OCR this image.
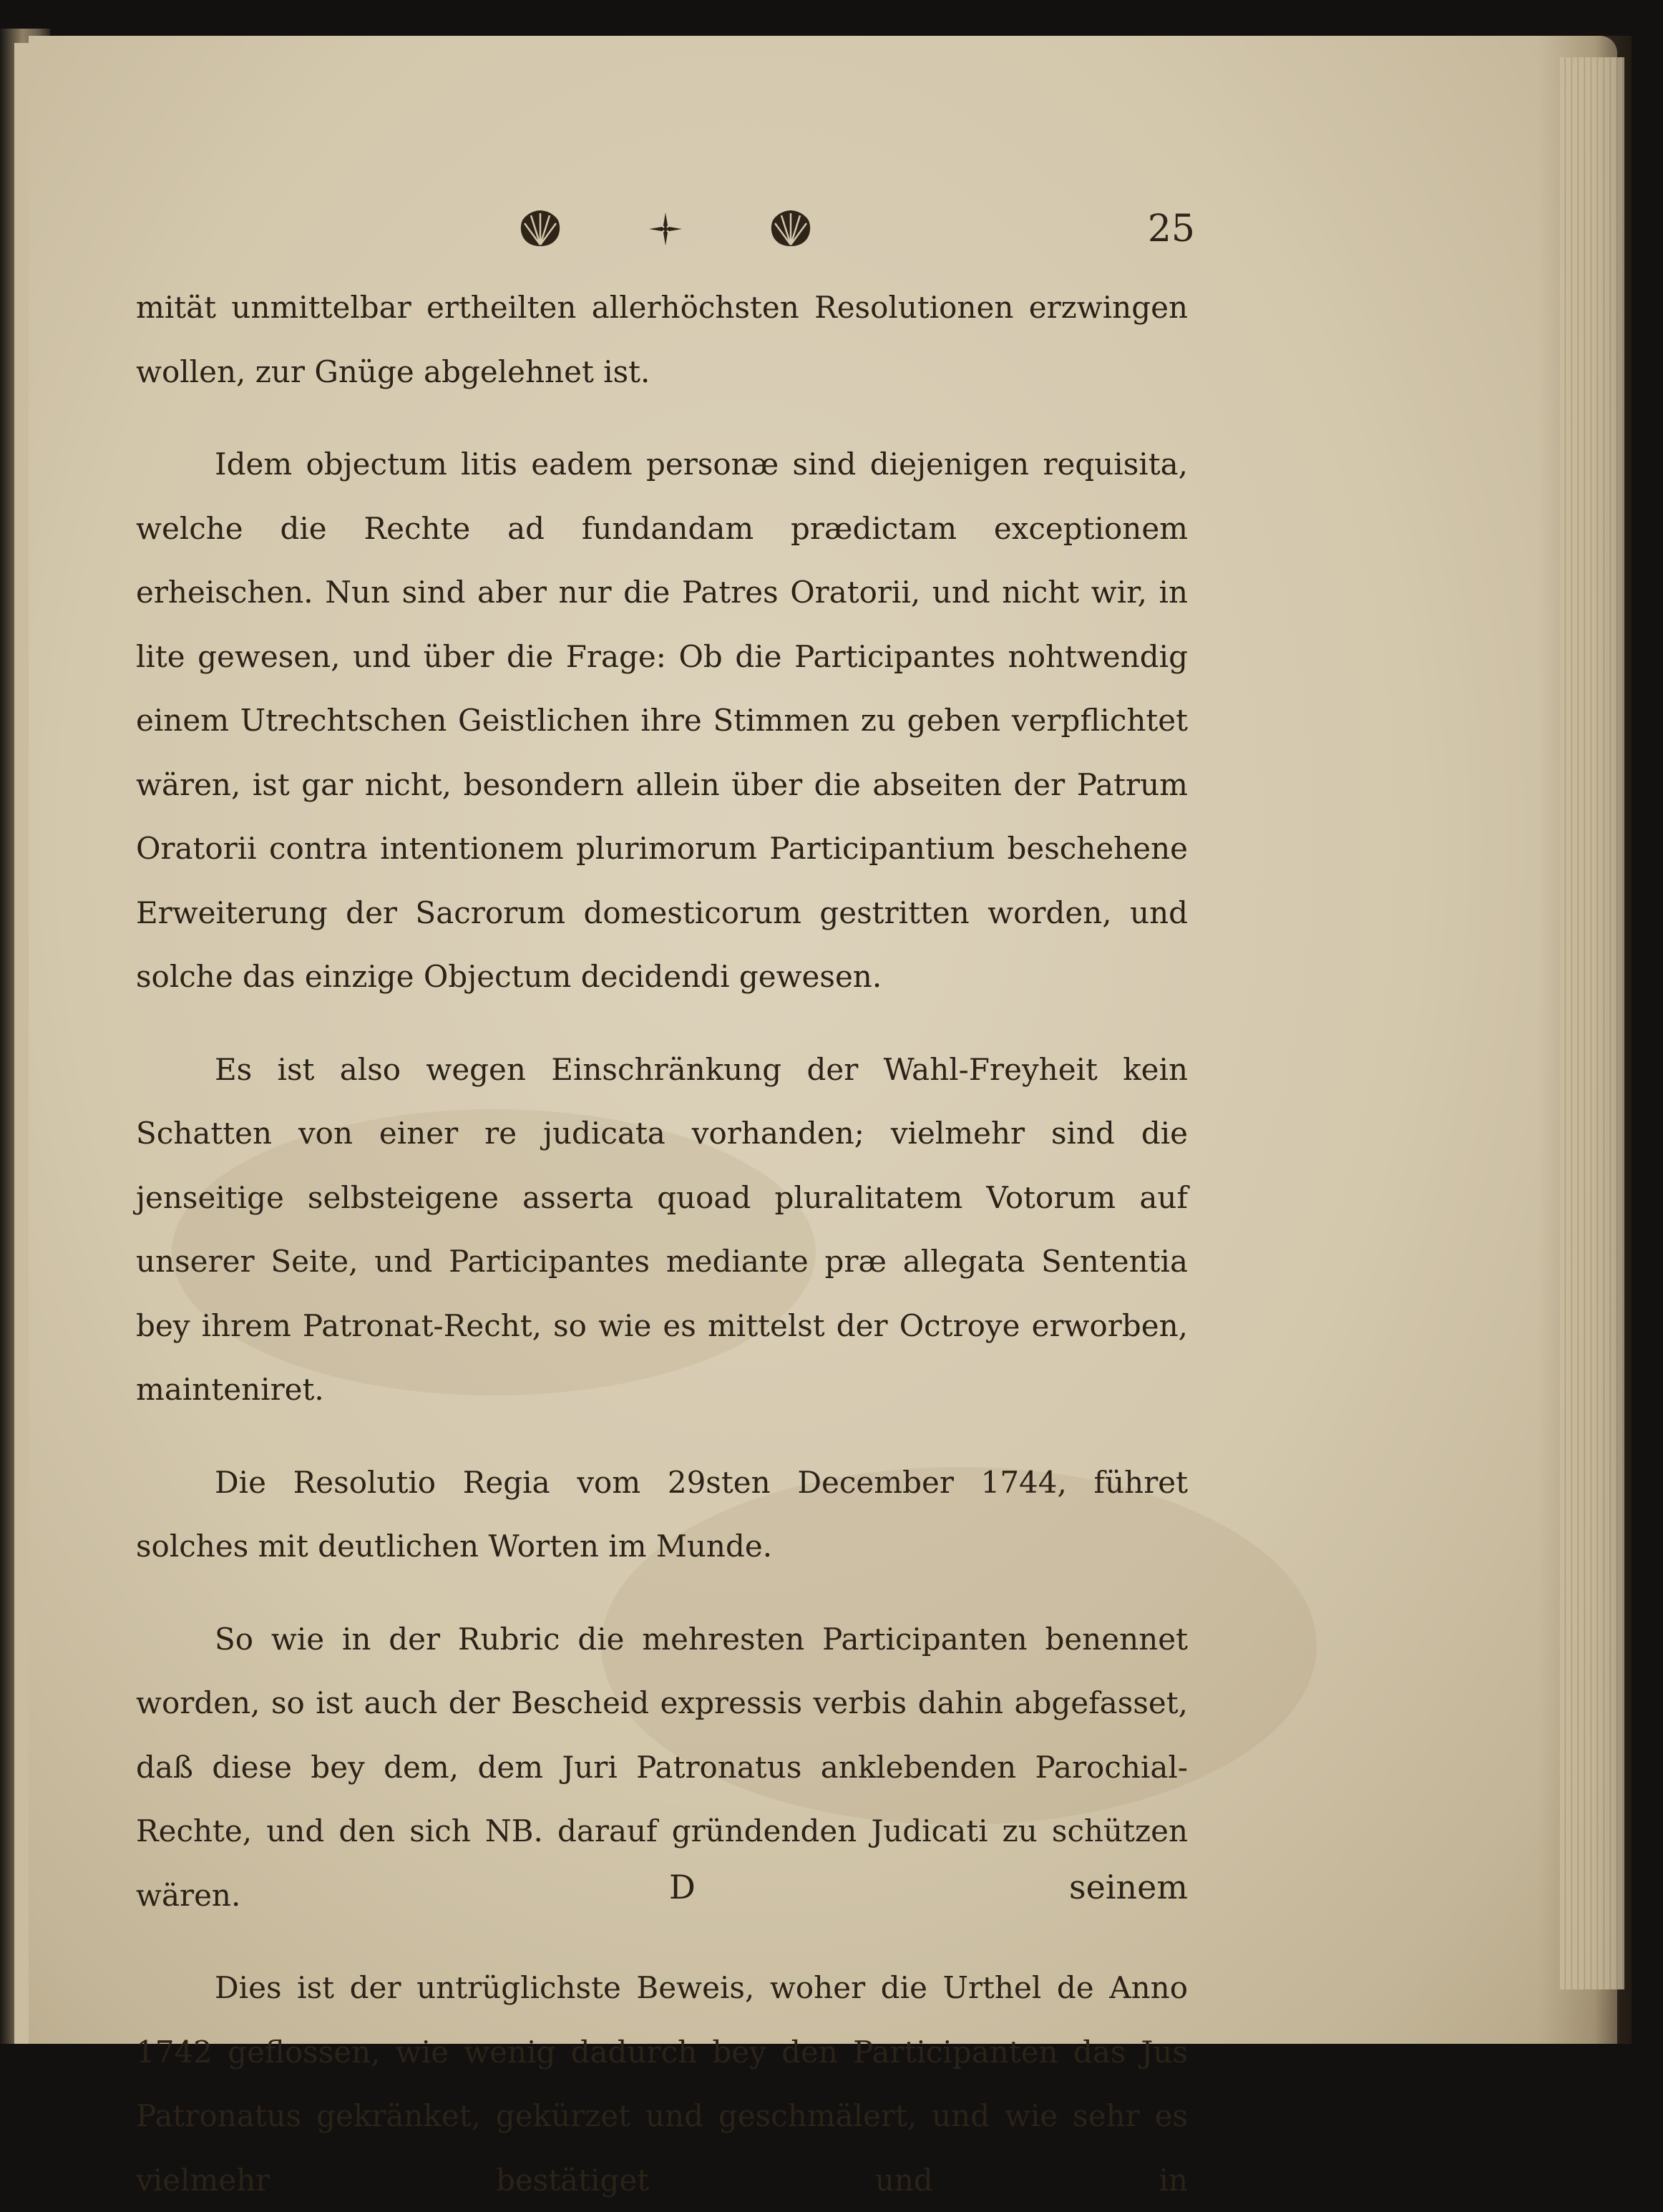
25

mität unmittelbar ertheilten allerhöchsten Resolutionen erzwingen wollen, zur Gnüge abgelehnet ist.

Idem objectum litis eadem personæ sind diejenigen requisita, welche die Rechte ad fundandam prædictam exceptionem erheischen. Nun sind aber nur die Patres Oratorii, und nicht wir, in lite gewesen, und über die Frage: Ob die Participantes nohtwendig einem Utrechtschen Geistlichen ihre Stimmen zu geben verpflichtet wären, ist gar nicht, besondern allein über die abseiten der Patrum Oratorii contra intentionem plurimorum Participantium beschehene Erweiterung der Sacrorum domesticorum gestritten worden, und solche das einzige Objectum decidendi gewesen.

Es ist also wegen Einschränkung der Wahl-Freyheit kein Schatten von einer re judicata vorhanden; vielmehr sind die jenseitige selbsteigene asserta quoad pluralitatem Votorum auf unserer Seite, und Participantes mediante præ allegata Sententia bey ihrem Patronat-Recht, so wie es mittelst der Octroye erworben, mainteniret.

Die Resolutio Regia vom 29sten December 1744, führet solches mit deutlichen Worten im Munde.

So wie in der Rubric die mehresten Participanten benennet worden, so ist auch der Bescheid expressis verbis dahin abgefasset, daß diese bey dem, dem Juri Patronatus anklebenden Parochial-Rechte, und den sich NB. darauf gründenden Judicati zu schützen wären.

Dies ist der untrüglichste Beweis, woher die Urthel de Anno 1742 geflossen, wie wenig dadurch bey den Participanten das Jus Patronatus gekränket, gekürzet und geschmälert, und wie sehr es vielmehr bestätiget und in

D	seinem
